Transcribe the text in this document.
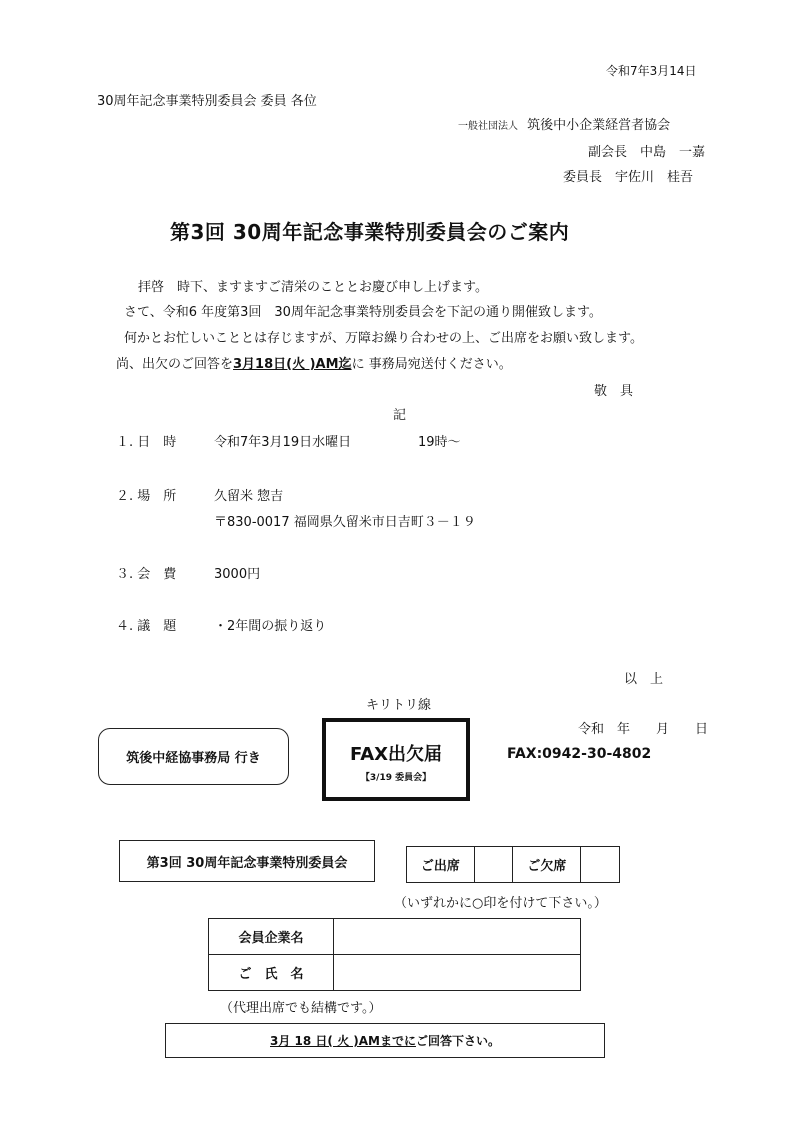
令和7年3月14日
30周年記念事業特別委員会 委員 各位
一般社団法人 筑後中小企業経営者協会
副会長　中島　一嘉
委員長　宇佐川　桂吾
第3回 30周年記念事業特別委員会のご案内
拝啓　時下、ますますご清栄のこととお慶び申し上げます。
さて、令和6 年度第3回　30周年記念事業特別委員会を下記の通り開催致します。
何かとお忙しいこととは存じますが、万障お繰り合わせの上、ご出席をお願い致します。
尚、出欠のご回答を3月18日(火 )AM迄に 事務局宛送付ください。
敬　具
記
１. 日　時	令和7年3月19日水曜日	19時～
２. 場　所	久留米 惣吉
〒830-0017 福岡県久留米市日吉町３－１９
３. 会　費	3000円
４. 議　題	・2年間の振り返り
以　上
キリトリ線
令和　年　　月　　日
筑後中経協事務局 行き	FAX出欠届
【3/19 委員会】
FAX:0942-30-4802
第3回 30周年記念事業特別委員会	ご出席		ご欠席	
（いずれかに○印を付けて下さい。）
会員企業名	
ご　氏　名	
（代理出席でも結構です。）
3月 18 日( 火 )AMまでに ご回答下さい。
